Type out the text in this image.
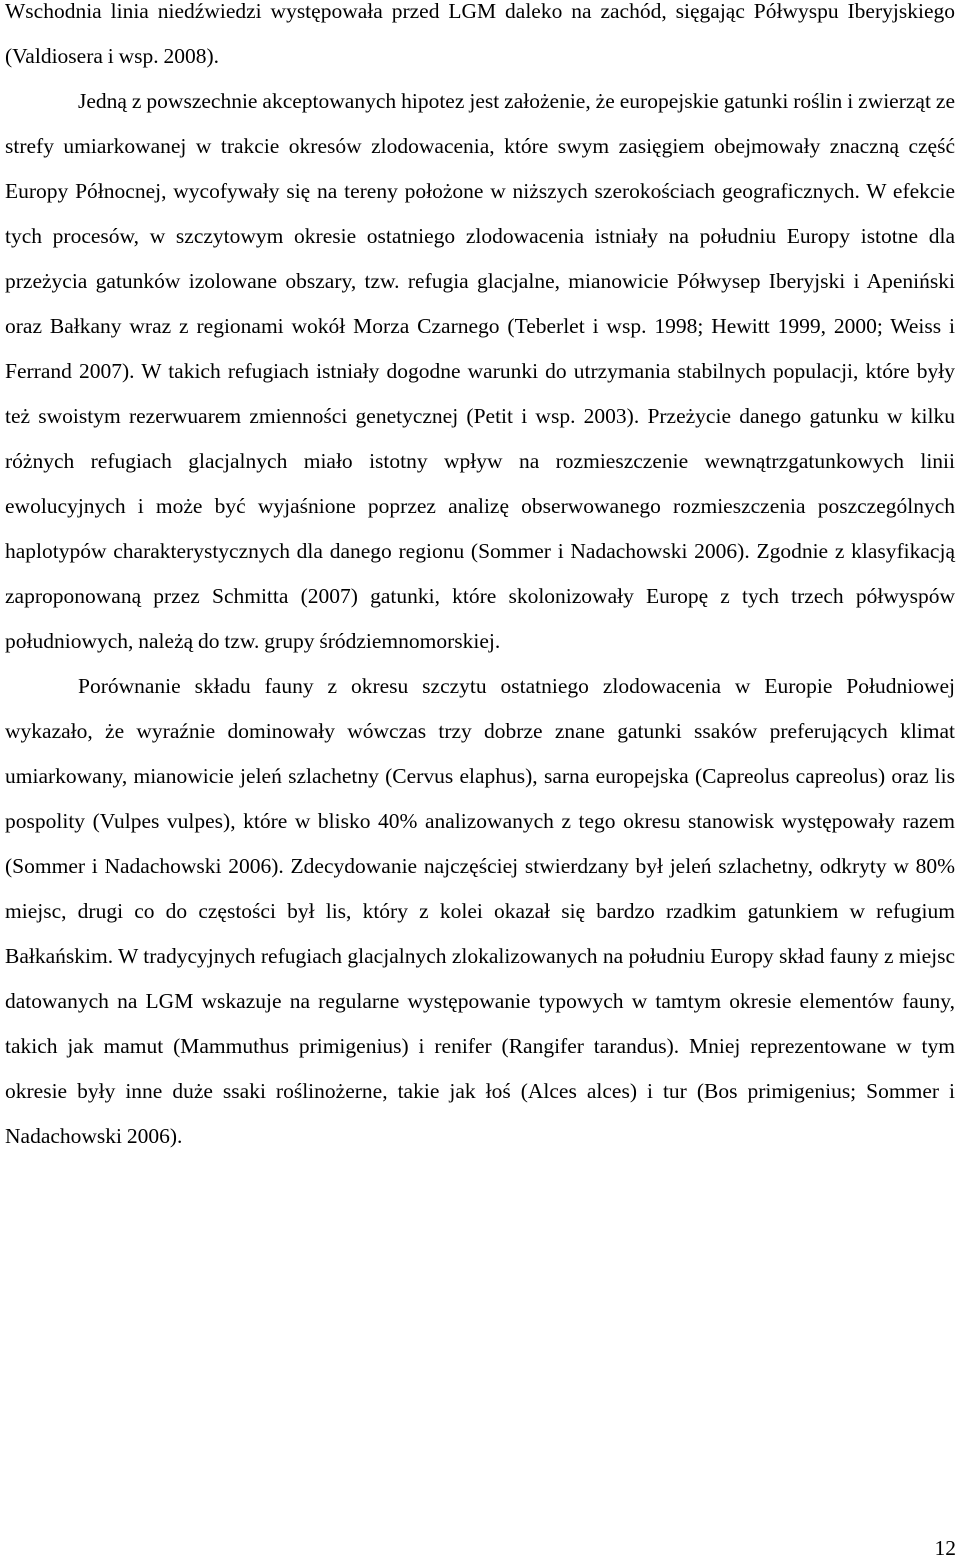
Wschodnia linia niedźwiedzi występowała przed LGM daleko na zachód, sięgając Półwyspu Iberyjskiego (Valdiosera i wsp. 2008).

Jedną z powszechnie akceptowanych hipotez jest założenie, że europejskie gatunki roślin i zwierząt ze strefy umiarkowanej w trakcie okresów zlodowacenia, które swym zasięgiem obejmowały znaczną część Europy Północnej, wycofywały się na tereny położone w niższych szerokościach geograficznych. W efekcie tych procesów, w szczytowym okresie ostatniego zlodowacenia istniały na południu Europy istotne dla przeżycia gatunków izolowane obszary, tzw. refugia glacjalne, mianowicie Półwysep Iberyjski i Apeniński oraz Bałkany wraz z regionami wokół Morza Czarnego (Teberlet i wsp. 1998; Hewitt 1999, 2000; Weiss i Ferrand 2007). W takich refugiach istniały dogodne warunki do utrzymania stabilnych populacji, które były też swoistym rezerwuarem zmienności genetycznej (Petit i wsp. 2003). Przeżycie danego gatunku w kilku różnych refugiach glacjalnych miało istotny wpływ na rozmieszczenie wewnątrzgatunkowych linii ewolucyjnych i może być wyjaśnione poprzez analizę obserwowanego rozmieszczenia poszczególnych haplotypów charakterystycznych dla danego regionu (Sommer i Nadachowski 2006). Zgodnie z klasyfikacją zaproponowaną przez Schmitta (2007) gatunki, które skolonizowały Europę z tych trzech półwyspów południowych, należą do tzw. grupy śródziemnomorskiej.

Porównanie składu fauny z okresu szczytu ostatniego zlodowacenia w Europie Południowej wykazało, że wyraźnie dominowały wówczas trzy dobrze znane gatunki ssaków preferujących klimat umiarkowany, mianowicie jeleń szlachetny (Cervus elaphus), sarna europejska (Capreolus capreolus) oraz lis pospolity (Vulpes vulpes), które w blisko 40% analizowanych z tego okresu stanowisk występowały razem (Sommer i Nadachowski 2006). Zdecydowanie najczęściej stwierdzany był jeleń szlachetny, odkryty w 80% miejsc, drugi co do częstości był lis, który z kolei okazał się bardzo rzadkim gatunkiem w refugium Bałkańskim. W tradycyjnych refugiach glacjalnych zlokalizowanych na południu Europy skład fauny z miejsc datowanych na LGM wskazuje na regularne występowanie typowych w tamtym okresie elementów fauny, takich jak mamut (Mammuthus primigenius) i renifer (Rangifer tarandus). Mniej reprezentowane w tym okresie były inne duże ssaki roślinożerne, takie jak łoś (Alces alces) i tur (Bos primigenius; Sommer i Nadachowski 2006).

12
